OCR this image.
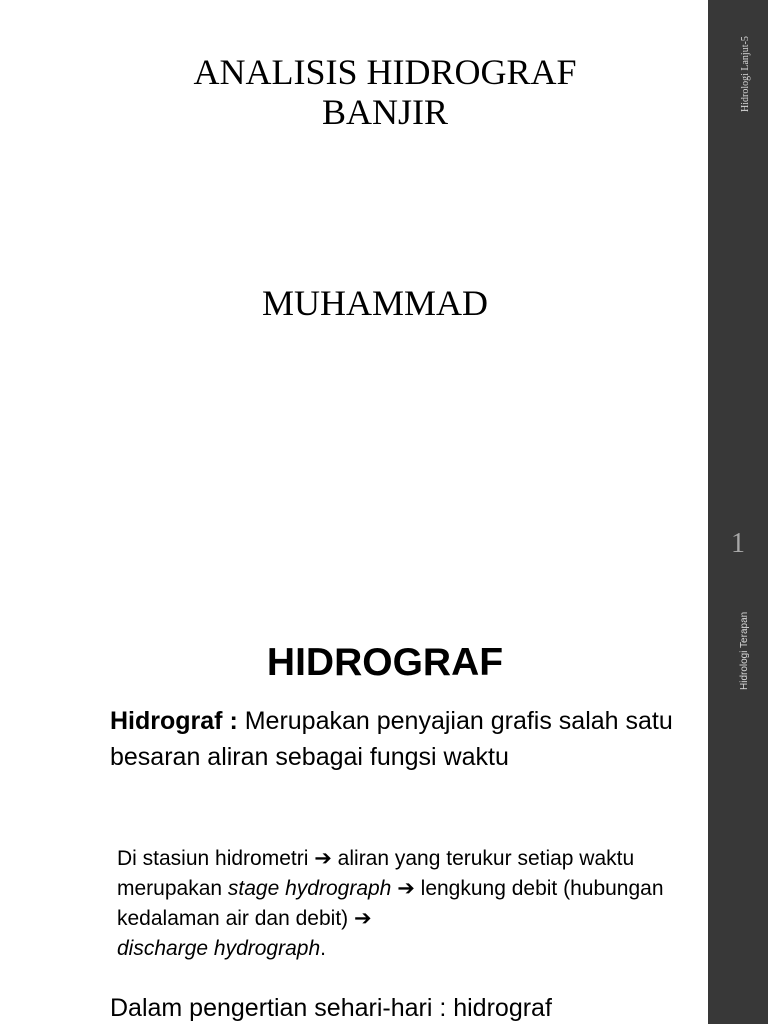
ANALISIS HIDROGRAF
BANJIR
MUHAMMAD
HIDROGRAF
Hidrograf : Merupakan penyajian grafis salah satu besaran aliran sebagai fungsi waktu
Di stasiun hidrometri ➔ aliran yang terukur setiap waktu merupakan stage hydrograph ➔ lengkung debit (hubungan kedalaman air dan debit) ➔
discharge hydrograph.
Dalam pengertian sehari-hari : hidrograf
Hidrologi Lanjut-5
1
Hidrologi Terapan
